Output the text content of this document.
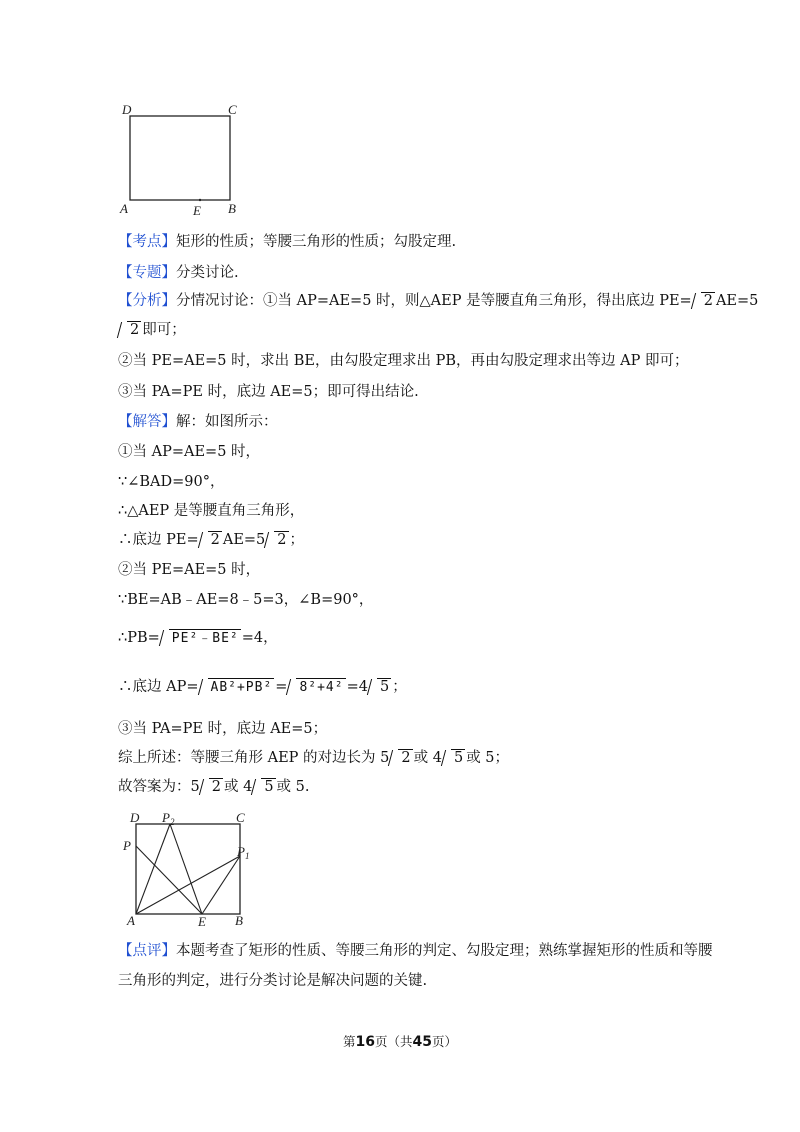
D	C
A	E B
【考点】矩形的性质；等腰三角形的性质；勾股定理.
【专题】分类讨论.
【分析】分情况讨论：①当 AP=AE=5 时，则△AEP 是等腰直角三角形，得出底边 PE= 2 AE=5
2 即可；
②当 PE=AE=5 时，求出 BE，由勾股定理求出 PB，再由勾股定理求出等边 AP 即可；
③当 PA=PE 时，底边 AE=5；即可得出结论.
【解答】解：如图所示：
①当 AP=AE=5 时，
∵∠BAD=90°，
∴△AEP 是等腰直角三角形，
∴底边 PE= 2 AE=5 2 ；
②当 PE=AE=5 时，
∵BE=AB﹣AE=8﹣5=3，∠B=90°，
∴PB= PE²﹣BE² =4，
∴底边 AP= AB²+PB² = 8²+4² =4 5 ；
③当 PA=PE 时，底边 AE=5；
综上所述：等腰三角形 AEP 的对边长为 5 2 或 4 5 或 5；
故答案为：5 2 或 4 5 或 5.
D $P_2$	C
P	$P_1$
A	E B
【点评】本题考查了矩形的性质、等腰三角形的判定、勾股定理；熟练掌握矩形的性质和等腰
三角形的判定，进行分类讨论是解决问题的关键.
第16页（共45页）
